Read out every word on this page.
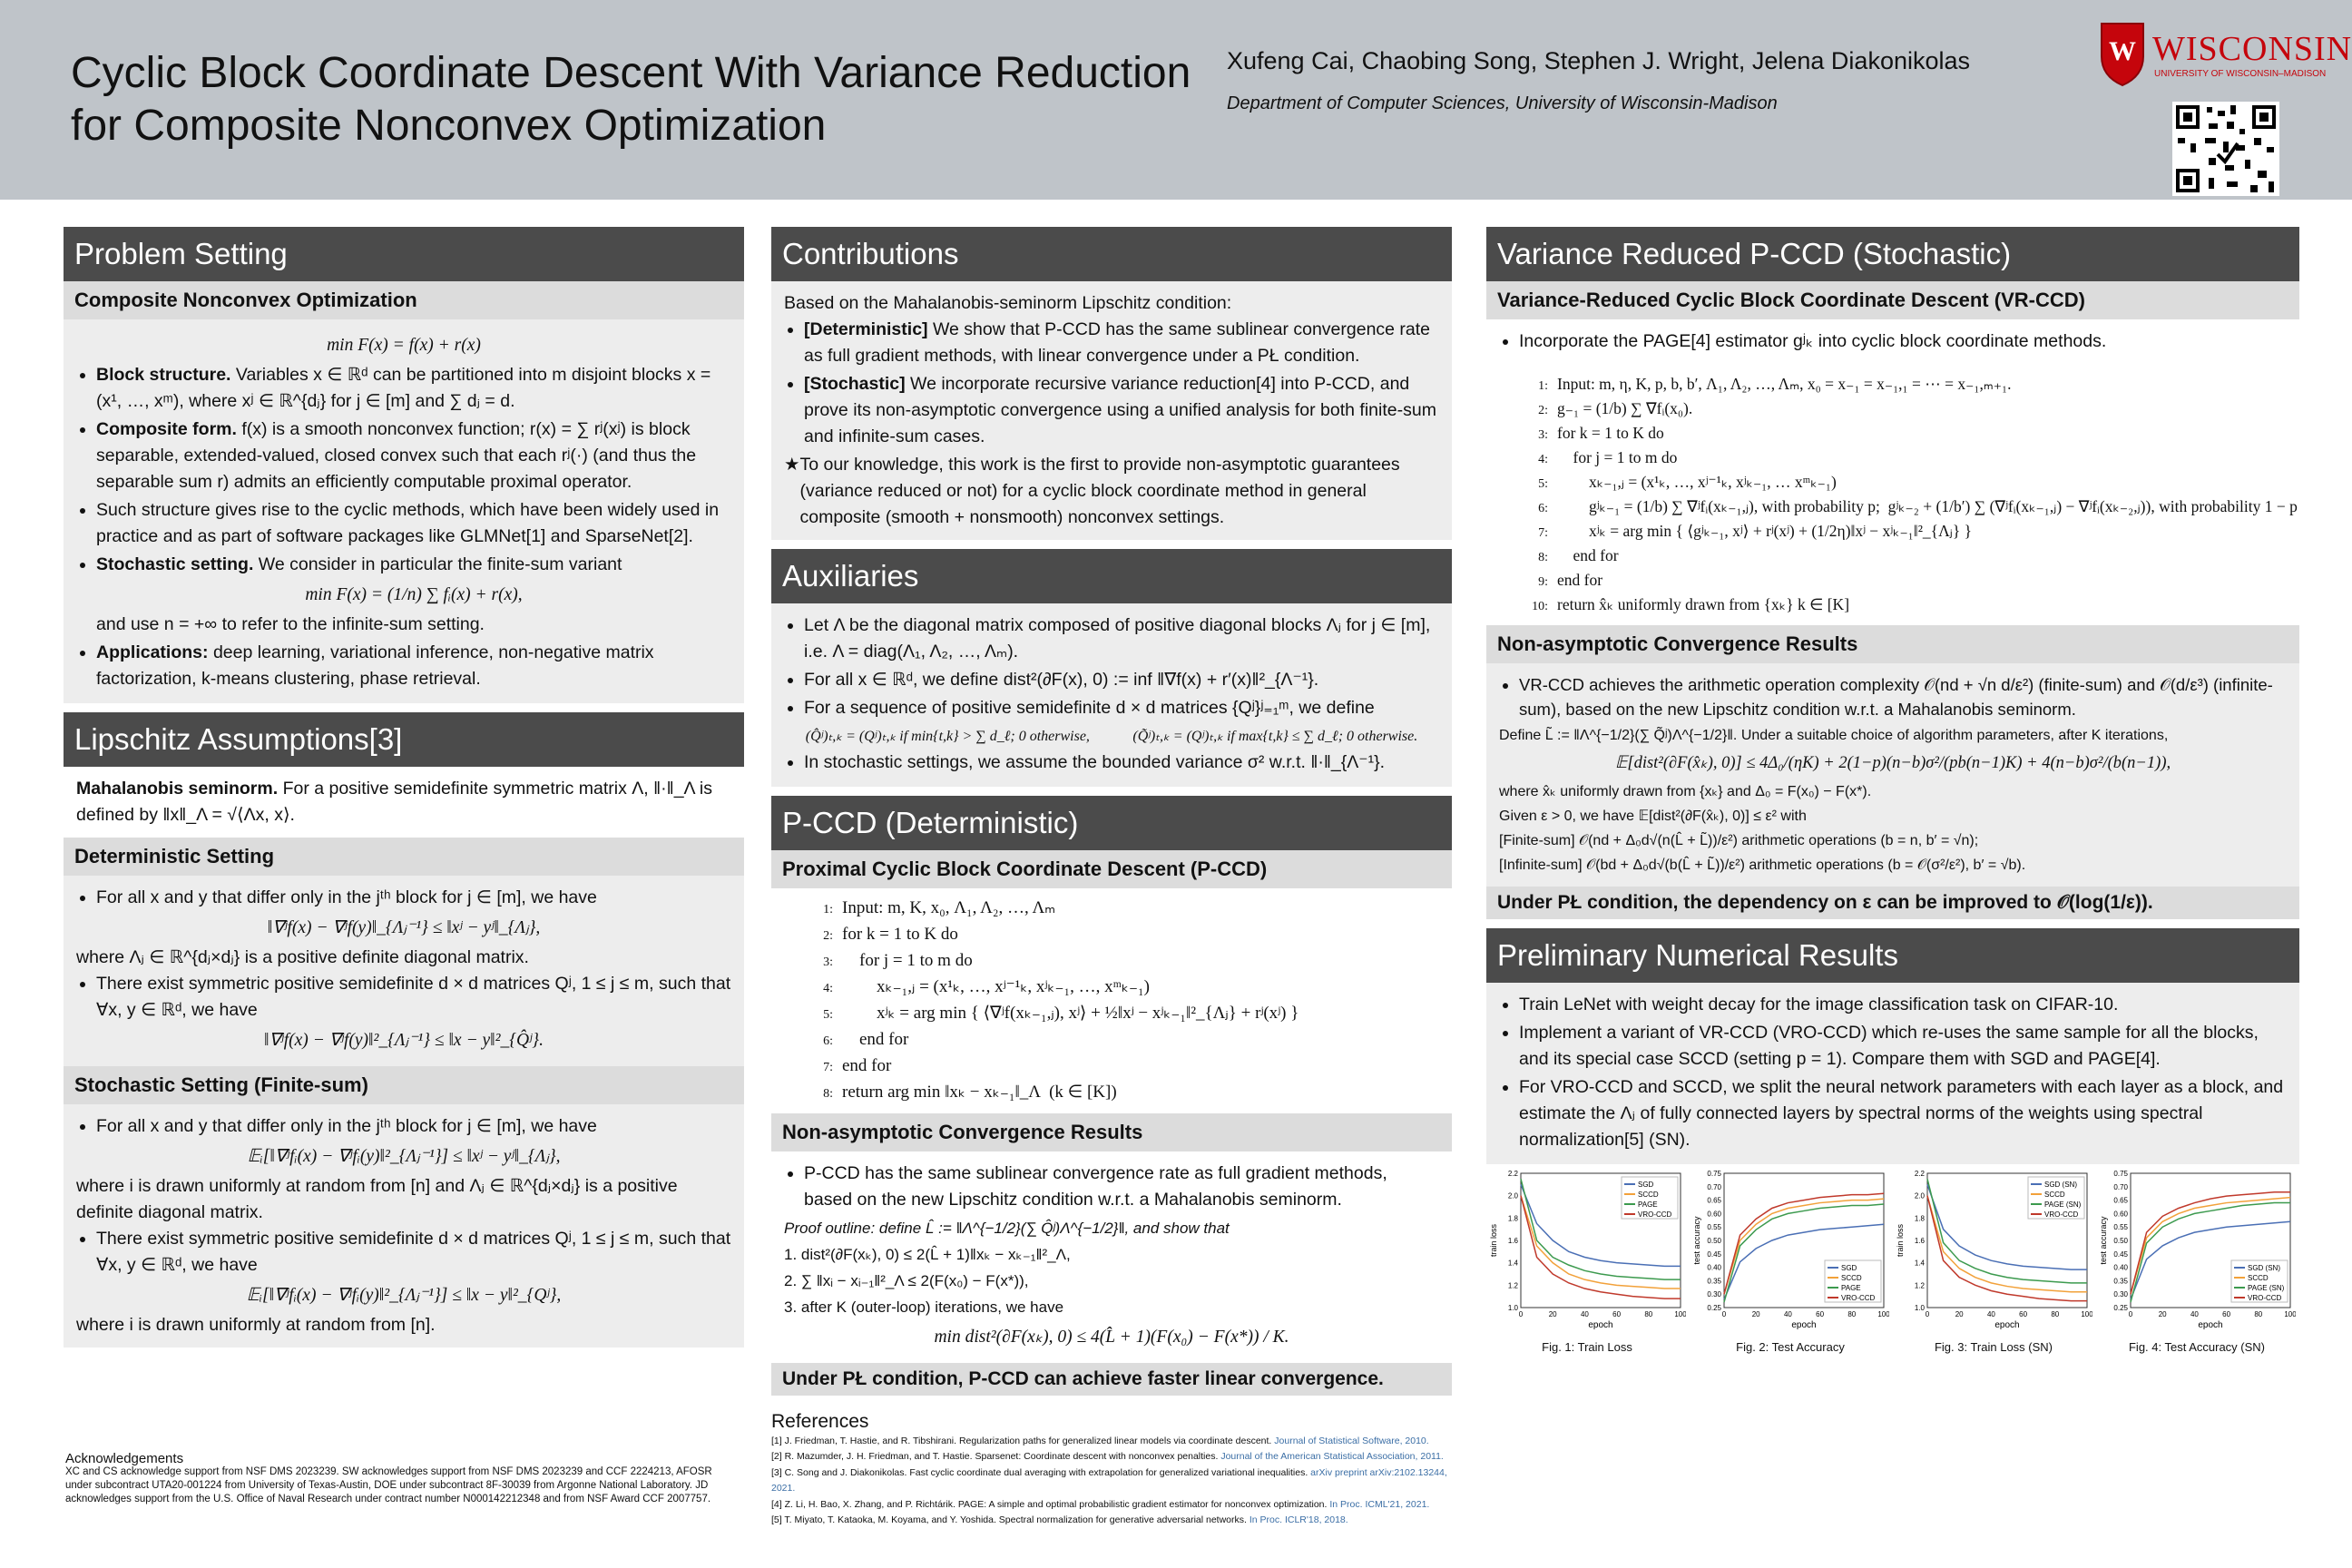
Cyclic Block Coordinate Descent With Variance Reduction
for Composite Nonconvex Optimization
Xufeng Cai, Chaobing Song, Stephen J. Wright, Jelena Diakonikolas
Department of Computer Sciences, University of Wisconsin-Madison
W WISCONSIN
UNIVERSITY OF WISCONSIN–MADISON
Problem Setting
Composite Nonconvex Optimization
min F(x) = f(x) + r(x)
• Block structure. Variables x ∈ ℝᵈ can be partitioned into m disjoint blocks x = (x¹, …, xᵐ), where xʲ ∈ ℝ^{dⱼ} for j ∈ [m] and ∑ dⱼ = d.
• Composite form. f(x) is a smooth nonconvex function; r(x) = ∑ rʲ(xʲ) is block separable, extended-valued, closed convex such that each rʲ(·) (and thus the separable sum r) admits an efficiently computable proximal operator.
• Such structure gives rise to the cyclic methods, which have been widely used in practice and as part of software packages like GLMNet[1] and SparseNet[2].
• Stochastic setting. We consider in particular the finite-sum variant
min F(x) = (1/n) ∑ fᵢ(x) + r(x),
and use n = +∞ to refer to the infinite-sum setting.
• Applications: deep learning, variational inference, non-negative matrix factorization, k-means clustering, phase retrieval.
Lipschitz Assumptions[3]
Mahalanobis seminorm. For a positive semidefinite symmetric matrix Λ, ‖·‖_Λ is defined by ‖x‖_Λ = √⟨Λx, x⟩.
Deterministic Setting
• For all x and y that differ only in the jᵗʰ block for j ∈ [m], we have
‖∇ʲf(x) − ∇ʲf(y)‖_{Λⱼ⁻¹} ≤ ‖xʲ − yʲ‖_{Λⱼ},
where Λⱼ ∈ ℝ^{dⱼ×dⱼ} is a positive definite diagonal matrix.
• There exist symmetric positive semidefinite d × d matrices Qʲ, 1 ≤ j ≤ m, such that ∀x, y ∈ ℝᵈ, we have
‖∇ʲf(x) − ∇ʲf(y)‖²_{Λⱼ⁻¹} ≤ ‖x − y‖²_{Q̂ʲ}.
Stochastic Setting (Finite-sum)
• For all x and y that differ only in the jᵗʰ block for j ∈ [m], we have
𝔼ᵢ[‖∇ʲfᵢ(x) − ∇ʲfᵢ(y)‖²_{Λⱼ⁻¹}] ≤ ‖xʲ − yʲ‖_{Λⱼ},
where i is drawn uniformly at random from [n] and Λⱼ ∈ ℝ^{dⱼ×dⱼ} is a positive definite diagonal matrix.
• There exist symmetric positive semidefinite d × d matrices Qʲ, 1 ≤ j ≤ m, such that ∀x, y ∈ ℝᵈ, we have
𝔼ᵢ[‖∇ʲfᵢ(x) − ∇ʲfᵢ(y)‖²_{Λⱼ⁻¹}] ≤ ‖x − y‖²_{Qʲ},
where i is drawn uniformly at random from [n].
Acknowledgements
XC and CS acknowledge support from NSF DMS 2023239. SW acknowledges support from NSF DMS 2023239 and CCF 2224213, AFOSR under subcontract UTA20-001224 from University of Texas-Austin, DOE under subcontract 8F-30039 from Argonne National Laboratory. JD acknowledges support from the U.S. Office of Naval Research under contract number N000142212348 and from NSF Award CCF 2007757.
Contributions
Based on the Mahalanobis-seminorm Lipschitz condition:
• [Deterministic] We show that P-CCD has the same sublinear convergence rate as full gradient methods, with linear convergence under a PŁ condition.
• [Stochastic] We incorporate recursive variance reduction[4] into P-CCD, and prove its non-asymptotic convergence using a unified analysis for both finite-sum and infinite-sum cases.
★ To our knowledge, this work is the first to provide non-asymptotic guarantees (variance reduced or not) for a cyclic block coordinate method in general composite (smooth + nonsmooth) nonconvex settings.
Auxiliaries
• Let Λ be the diagonal matrix composed of positive diagonal blocks Λⱼ for j ∈ [m], i.e. Λ = diag(Λ₁, Λ₂, …, Λₘ).
• For all x ∈ ℝᵈ, we define dist²(∂F(x), 0) := inf ‖∇f(x) + r′(x)‖²_{Λ⁻¹}.
• For a sequence of positive semidefinite d × d matrices {Qʲ}ʲ₌₁ᵐ, we define
(Q̂ʲ)ₜ,ₖ = (Qʲ)ₜ,ₖ if min{t,k} > ∑ d_ℓ; 0 otherwise,	(Q̃ʲ)ₜ,ₖ = (Qʲ)ₜ,ₖ if max{t,k} ≤ ∑ d_ℓ; 0 otherwise.
• In stochastic settings, we assume the bounded variance σ² w.r.t. ‖·‖_{Λ⁻¹}.
P-CCD (Deterministic)
Proximal Cyclic Block Coordinate Descent (P-CCD)
1: Input: m, K, x₀, Λ₁, Λ₂, …, Λₘ
2: for k = 1 to K do
3:    for j = 1 to m do
4:        xₖ₋₁,ⱼ = (x¹ₖ, …, xʲ⁻¹ₖ, xʲₖ₋₁, …, xᵐₖ₋₁)
5:        xʲₖ = arg min { ⟨∇ʲf(xₖ₋₁,ⱼ), xʲ⟩ + ½‖xʲ − xʲₖ₋₁‖²_{Λⱼ} + rʲ(xʲ) }
6:    end for
7: end for
8: return arg min ‖xₖ − xₖ₋₁‖_Λ  (k ∈ [K])
Non-asymptotic Convergence Results
• P-CCD has the same sublinear convergence rate as full gradient methods, based on the new Lipschitz condition w.r.t. a Mahalanobis seminorm.
Proof outline: define L̂ := ‖Λ^{−1/2}(∑ Q̂ʲ)Λ^{−1/2}‖, and show that
1. dist²(∂F(xₖ), 0) ≤ 2(L̂ + 1)‖xₖ − xₖ₋₁‖²_Λ,
2. ∑ ‖xᵢ − xᵢ₋₁‖²_Λ ≤ 2(F(x₀) − F(x*)),
3. after K (outer-loop) iterations, we have
min dist²(∂F(xₖ), 0) ≤ 4(L̂ + 1)(F(x₀) − F(x*)) / K.
Under PŁ condition, P-CCD can achieve faster linear convergence.
References
[1] J. Friedman, T. Hastie, and R. Tibshirani. Regularization paths for generalized linear models via coordinate descent. Journal of Statistical Software, 2010.
[2] R. Mazumder, J. H. Friedman, and T. Hastie. Sparsenet: Coordinate descent with nonconvex penalties. Journal of the American Statistical Association, 2011.
[3] C. Song and J. Diakonikolas. Fast cyclic coordinate dual averaging with extrapolation for generalized variational inequalities. arXiv preprint arXiv:2102.13244, 2021.
[4] Z. Li, H. Bao, X. Zhang, and P. Richtárik. PAGE: A simple and optimal probabilistic gradient estimator for nonconvex optimization. In Proc. ICML'21, 2021.
[5] T. Miyato, T. Kataoka, M. Koyama, and Y. Yoshida. Spectral normalization for generative adversarial networks. In Proc. ICLR'18, 2018.
Variance Reduced P-CCD (Stochastic)
Variance-Reduced Cyclic Block Coordinate Descent (VR-CCD)
• Incorporate the PAGE[4] estimator gʲₖ into cyclic block coordinate methods.
1: Input: m, η, K, p, b, b′, Λ₁, Λ₂, …, Λₘ, x₀ = x₋₁ = x₋₁,₁ = ⋯ = x₋₁,ₘ₊₁.
2: g₋₁ = (1/b) ∑ ∇fᵢ(x₀).
3: for k = 1 to K do
4:    for j = 1 to m do
5:        xₖ₋₁,ⱼ = (x¹ₖ, …, xʲ⁻¹ₖ, xʲₖ₋₁, … xᵐₖ₋₁)
6:        gʲₖ₋₁ = (1/b) ∑ ∇ʲfᵢ(xₖ₋₁,ⱼ), with probability p;  gʲₖ₋₂ + (1/b′) ∑ (∇ʲfᵢ(xₖ₋₁,ⱼ) − ∇ʲfᵢ(xₖ₋₂,ⱼ)), with probability 1 − p
7:        xʲₖ = arg min { ⟨gʲₖ₋₁, xʲ⟩ + rʲ(xʲ) + (1/2η)‖xʲ − xʲₖ₋₁‖²_{Λⱼ} }
8:    end for
9: end for
10: return x̂ₖ uniformly drawn from {xₖ} k ∈ [K]
Non-asymptotic Convergence Results
• VR-CCD achieves the arithmetic operation complexity 𝒪(nd + √n d/ε²) (finite-sum) and 𝒪(d/ε³) (infinite-sum), based on the new Lipschitz condition w.r.t. a Mahalanobis seminorm.
Define L̃ := ‖Λ^{−1/2}(∑ Q̃ʲ)Λ^{−1/2}‖. Under a suitable choice of algorithm parameters, after K iterations,
𝔼[dist²(∂F(x̂ₖ), 0)] ≤ 4Δ₀/(ηK) + 2(1−p)(n−b)σ²/(pb(n−1)K) + 4(n−b)σ²/(b(n−1)),
where x̂ₖ uniformly drawn from {xₖ} and Δ₀ = F(x₀) − F(x*).
Given ε > 0, we have 𝔼[dist²(∂F(x̂ₖ), 0)] ≤ ε² with
[Finite-sum] 𝒪(nd + Δ₀d√(n(L̂ + L̃))/ε²) arithmetic operations (b = n, b′ = √n);
[Infinite-sum] 𝒪(bd + Δ₀d√(b(L̂ + L̃))/ε²) arithmetic operations (b = 𝒪(σ²/ε²), b′ = √b).
Under PŁ condition, the dependency on ε can be improved to 𝒪(log(1/ε)).
Preliminary Numerical Results
• Train LeNet with weight decay for the image classification task on CIFAR-10.
• Implement a variant of VR-CCD (VRO-CCD) which re-uses the same sample for all the blocks, and its special case SCCD (setting p = 1). Compare them with SGD and PAGE[4].
• For VRO-CCD and SCCD, we split the neural network parameters with each layer as a block, and estimate the Λⱼ of fully connected layers by spectral norms of the weights using spectral normalization[5] (SN).
1.0
1.2
1.4
1.6
1.8
2.0
2.2
0	20	40	60	80	100
epoch
train loss
SGD
SCCD
PAGE
VRO-CCD
Fig. 1: Train Loss
0.25
0.30
0.35
0.40
0.45
0.50
0.55
0.60
0.65
0.70
0.75
0	20	40	60	80	100
epoch
test accuracy
SGD
SCCD
PAGE
VRO-CCD
Fig. 2: Test Accuracy
1.0
1.2
1.4
1.6
1.8
2.0
2.2
0	20	40	60	80	100
epoch
train loss
SGD (SN)
SCCD
PAGE (SN)
VRO-CCD
Fig. 3: Train Loss (SN)
0.25
0.30
0.35
0.40
0.45
0.50
0.55
0.60
0.65
0.70
0.75
0	20	40	60	80	100
epoch
test accuracy
SGD (SN)
SCCD
PAGE (SN)
VRO-CCD
Fig. 4: Test Accuracy (SN)
